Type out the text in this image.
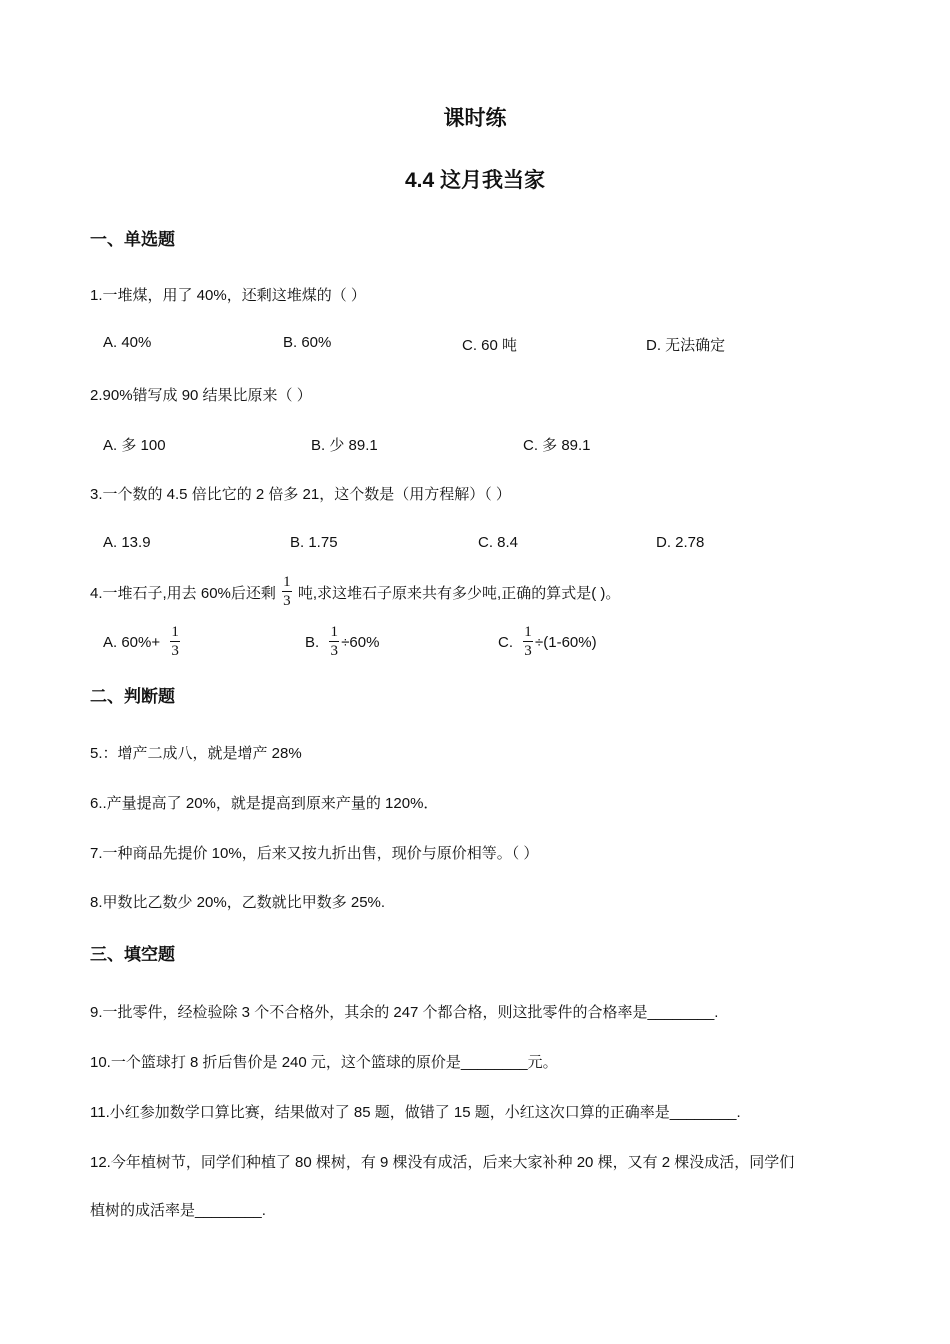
课时练
4.4 这月我当家
一、单选题
1.一堆煤，用了 40%，还剩这堆煤的（ ）
A. 40%	B. 60%	C. 60 吨	D. 无法确定
2.90%错写成 90 结果比原来（ ）
A. 多 100	B. 少 89.1	C. 多 89.1
3.一个数的 4.5 倍比它的 2 倍多 21，这个数是（用方程解）（ ）
A. 13.9	B. 1.75	C. 8.4	D. 2.78
4.一堆石子,用去 60%后还剩 $\frac{1}{3}$ 吨,求这堆石子原来共有多少吨,正确的算式是( )。
A. $60\%+ \frac{1}{3}$	B. $\frac{1}{3} \div 60\%$	C. $\frac{1}{3} \div(1-60\%)$
二、判断题
5.：增产二成八，就是增产 28%
6..产量提高了 20%，就是提高到原来产量的 120%．
7.一种商品先提价 10%，后来又按九折出售，现价与原价相等。（ ）
8.甲数比乙数少 20%，乙数就比甲数多 25%.
三、填空题
9.一批零件，经检验除 3 个不合格外，其余的 247 个都合格，则这批零件的合格率是________.
10.一个篮球打 8 折后售价是 240 元，这个篮球的原价是________元。
11.小红参加数学口算比赛，结果做对了 85 题，做错了 15 题，小红这次口算的正确率是________.
12.今年植树节，同学们种植了 80 棵树，有 9 棵没有成活，后来大家补种 20 棵，又有 2 棵没成活，同学们
植树的成活率是________.
